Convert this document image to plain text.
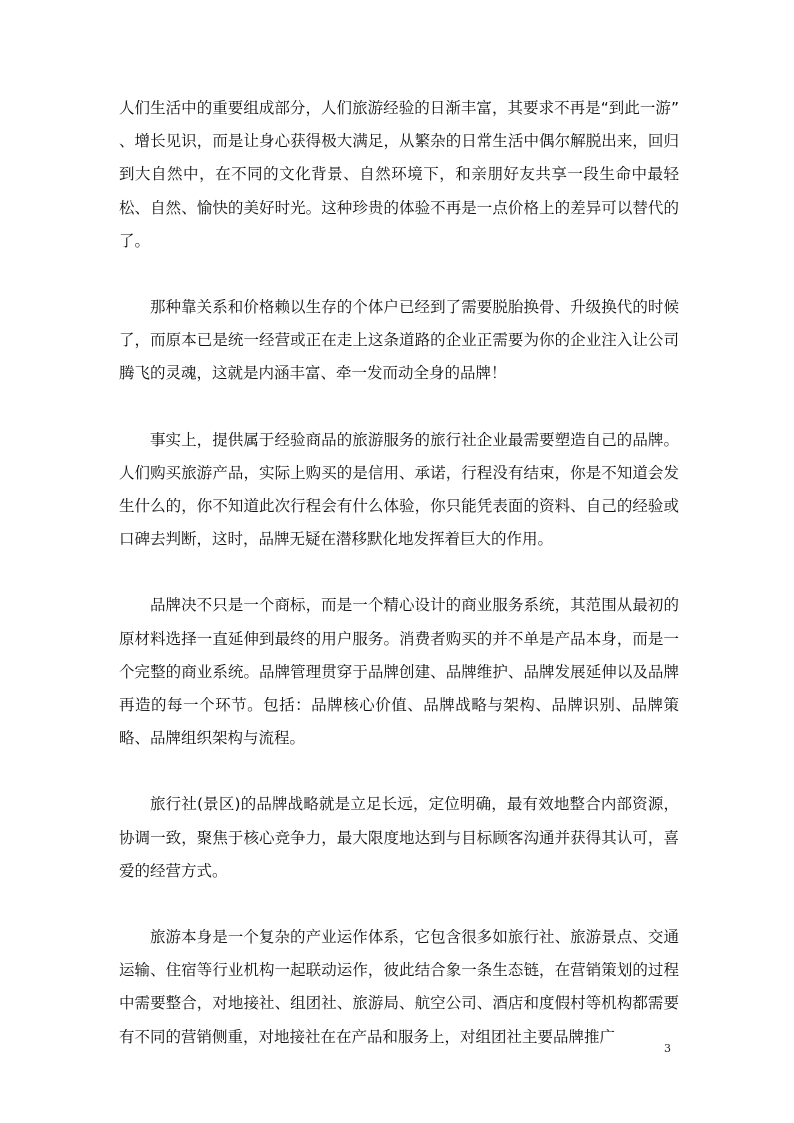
人们生活中的重要组成部分，人们旅游经验的日渐丰富，其要求不再是“到此一游” 、增长见识，而是让身心获得极大满足，从繁杂的日常生活中偶尔解脱出来，回归到大自然中，在不同的文化背景、自然环境下，和亲朋好友共享一段生命中最轻松、自然、愉快的美好时光。这种珍贵的体验不再是一点价格上的差异可以替代的了。

那种靠关系和价格赖以生存的个体户已经到了需要脱胎换骨、升级换代的时候了，而原本已是统一经营或正在走上这条道路的企业正需要为你的企业注入让公司腾飞的灵魂，这就是内涵丰富、牵一发而动全身的品牌！

事实上，提供属于经验商品的旅游服务的旅行社企业最需要塑造自己的品牌。人们购买旅游产品，实际上购买的是信用、承诺，行程没有结束，你是不知道会发生什么的，你不知道此次行程会有什么体验，你只能凭表面的资料、自己的经验或口碑去判断，这时，品牌无疑在潜移默化地发挥着巨大的作用。

品牌决不只是一个商标，而是一个精心设计的商业服务系统，其范围从最初的原材料选择一直延伸到最终的用户服务。消费者购买的并不单是产品本身，而是一个完整的商业系统。品牌管理贯穿于品牌创建、品牌维护、品牌发展延伸以及品牌再造的每一个环节。包括：品牌核心价值、品牌战略与架构、品牌识别、品牌策略、品牌组织架构与流程。

旅行社(景区)的品牌战略就是立足长远，定位明确，最有效地整合内部资源，协调一致，聚焦于核心竞争力，最大限度地达到与目标顾客沟通并获得其认可，喜爱的经营方式。

旅游本身是一个复杂的产业运作体系，它包含很多如旅行社、旅游景点、交通运输、住宿等行业机构一起联动运作，彼此结合象一条生态链，在营销策划的过程中需要整合，对地接社、组团社、旅游局、航空公司、酒店和度假村等机构都需要有不同的营销侧重，对地接社在在产品和服务上，对组团社主要品牌推广

3
